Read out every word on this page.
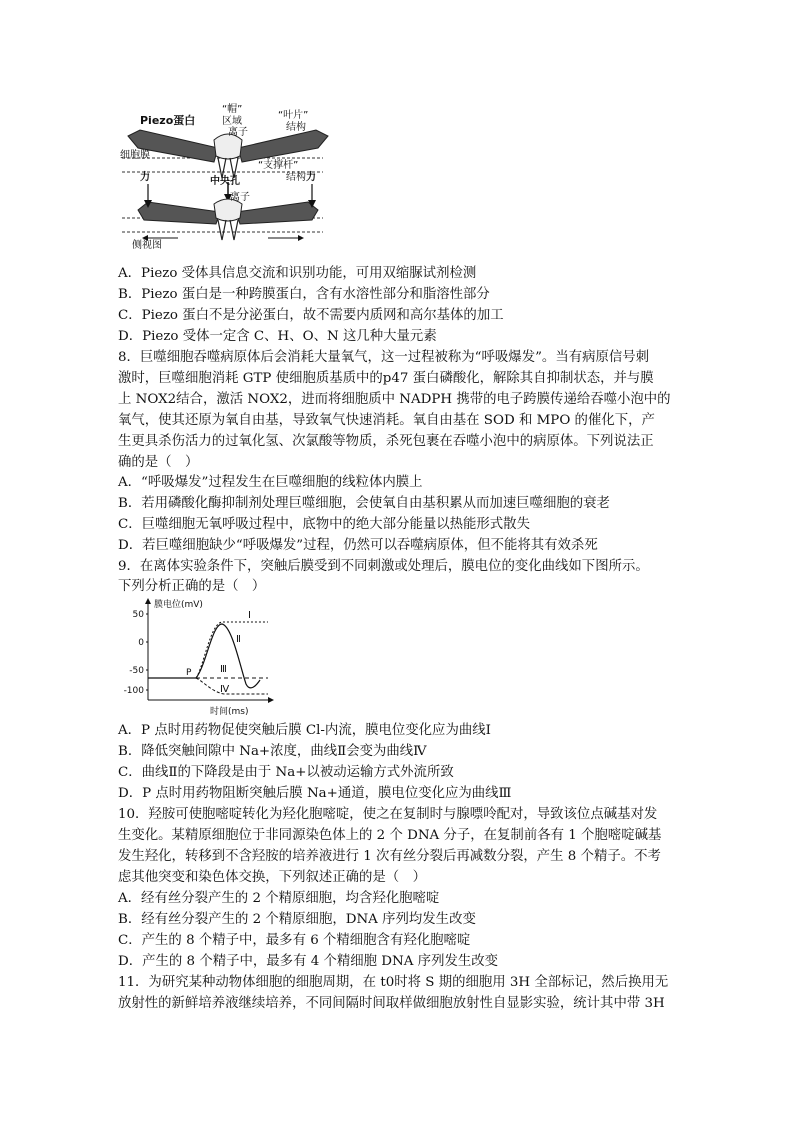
Piezo蛋白
“帽”
区域
离子
“叶片”
结构
细胞膜
“支撑杆”
结构
中央孔
力
离子
力
侧视图
A．Piezo 受体具信息交流和识别功能，可用双缩脲试剂检测
B．Piezo 蛋白是一种跨膜蛋白，含有水溶性部分和脂溶性部分
C．Piezo 蛋白不是分泌蛋白，故不需要内质网和高尔基体的加工
D．Piezo 受体一定含 C、H、O、N 这几种大量元素
8．巨噬细胞吞噬病原体后会消耗大量氧气，这一过程被称为“呼吸爆发”。当有病原信号刺
激时，巨噬细胞消耗 GTP 使细胞质基质中的p47 蛋白磷酸化，解除其自抑制状态，并与膜
上 NOX2结合，激活 NOX2，进而将细胞质中 NADPH 携带的电子跨膜传递给吞噬小泡中的
氧气，使其还原为氧自由基，导致氧气快速消耗。氧自由基在 SOD 和 MPO 的催化下，产
生更具杀伤活力的过氧化氢、次氯酸等物质，杀死包裹在吞噬小泡中的病原体。下列说法正
确的是（　）
A．“呼吸爆发”过程发生在巨噬细胞的线粒体内膜上
B．若用磷酸化酶抑制剂处理巨噬细胞，会使氧自由基积累从而加速巨噬细胞的衰老
C．巨噬细胞无氧呼吸过程中，底物中的绝大部分能量以热能形式散失
D．若巨噬细胞缺少“呼吸爆发”过程，仍然可以吞噬病原体，但不能将其有效杀死
9．在离体实验条件下，突触后膜受到不同刺激或处理后，膜电位的变化曲线如下图所示。
下列分析正确的是（　）
膜电位(mV)
时间(ms)
50
0
-50
-100
P
Ⅰ
Ⅱ
Ⅲ
Ⅳ
A．P 点时用药物促使突触后膜 Cl-内流，膜电位变化应为曲线Ⅰ
B．降低突触间隙中 Na+浓度，曲线Ⅱ会变为曲线Ⅳ
C．曲线Ⅱ的下降段是由于 Na+以被动运输方式外流所致
D．P 点时用药物阻断突触后膜 Na+通道，膜电位变化应为曲线Ⅲ
10．羟胺可使胞嘧啶转化为羟化胞嘧啶，使之在复制时与腺嘌呤配对，导致该位点碱基对发
生变化。某精原细胞位于非同源染色体上的 2 个 DNA 分子，在复制前各有 1 个胞嘧啶碱基
发生羟化，转移到不含羟胺的培养液进行 1 次有丝分裂后再减数分裂，产生 8 个精子。不考
虑其他突变和染色体交换，下列叙述正确的是（　）
A．经有丝分裂产生的 2 个精原细胞，均含羟化胞嘧啶
B．经有丝分裂产生的 2 个精原细胞，DNA 序列均发生改变
C．产生的 8 个精子中，最多有 6 个精细胞含有羟化胞嘧啶
D．产生的 8 个精子中，最多有 4 个精细胞 DNA 序列发生改变
11．为研究某种动物体细胞的细胞周期，在 t0时将 S 期的细胞用 3H 全部标记，然后换用无
放射性的新鲜培养液继续培养，不同间隔时间取样做细胞放射性自显影实验，统计其中带 3H
